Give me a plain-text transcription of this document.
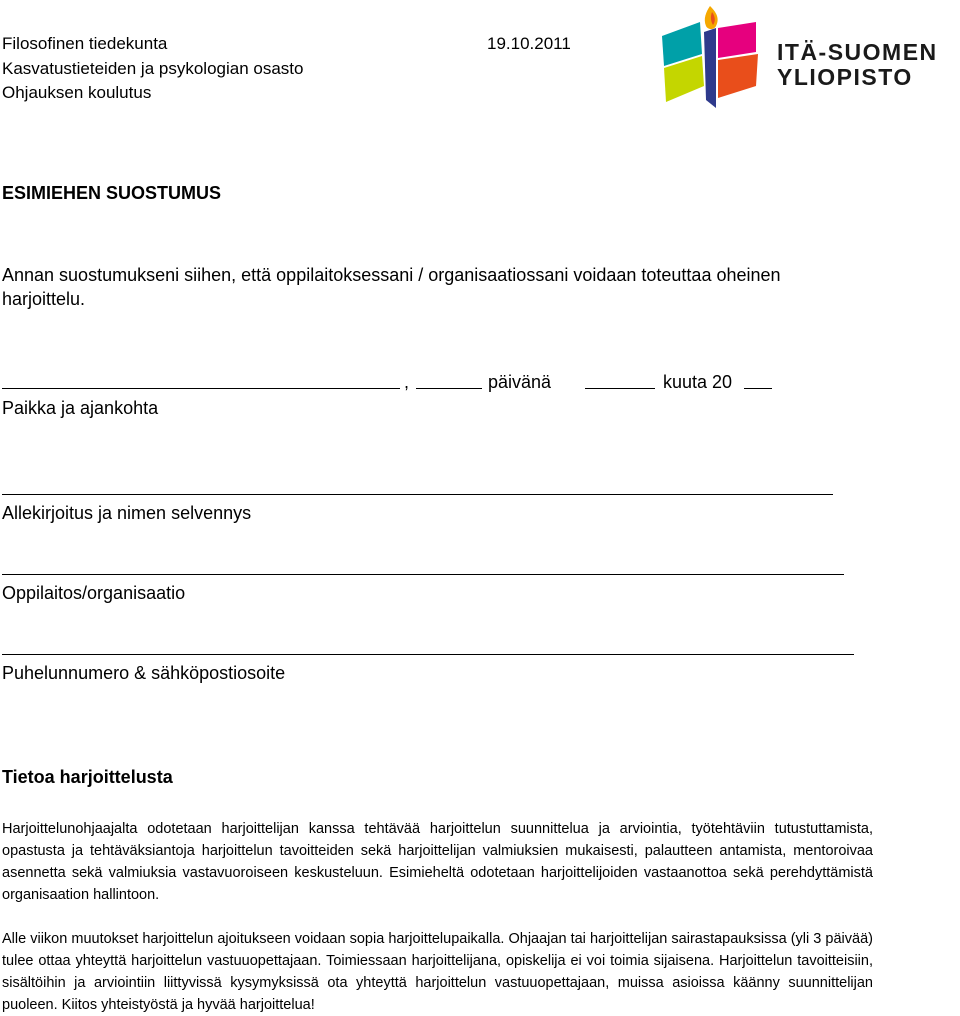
Filosofinen tiedekunta	19.10.2011
Kasvatustieteiden ja psykologian osasto
Ohjauksen koulutus
ITÄ-SUOMEN
YLIOPISTO
ESIMIEHEN SUOSTUMUS
Annan suostumukseni siihen, että oppilaitoksessani / organisaatiossani voidaan toteuttaa oheinen
harjoittelu.
,	päivänä	kuuta 20
Paikka ja ajankohta
Allekirjoitus ja nimen selvennys
Oppilaitos/organisaatio
Puhelunnumero & sähköpostiosoite
Tietoa harjoittelusta
Harjoittelunohjaajalta odotetaan harjoittelijan kanssa tehtävää harjoittelun suunnittelua ja arviointia, työtehtäviin tutustuttamista, opastusta ja tehtäväksiantoja harjoittelun tavoitteiden sekä harjoittelijan valmiuksien mukaisesti, palautteen antamista, mentoroivaa asennetta sekä valmiuksia vastavuoroiseen keskusteluun. Esimieheltä odotetaan harjoittelijoiden vastaanottoa sekä perehdyttämistä organisaation hallintoon.
Alle viikon muutokset harjoittelun ajoitukseen voidaan sopia harjoittelupaikalla. Ohjaajan tai harjoittelijan sairastapauksissa (yli 3 päivää) tulee ottaa yhteyttä harjoittelun vastuuopettajaan. Toimiessaan harjoittelijana, opiskelija ei voi toimia sijaisena. Harjoittelun tavoitteisiin, sisältöihin ja arviointiin liittyvissä kysymyksissä ota yhteyttä harjoittelun vastuuopettajaan, muissa asioissa käänny suunnittelijan puoleen. Kiitos yhteistyöstä ja hyvää harjoittelua!
